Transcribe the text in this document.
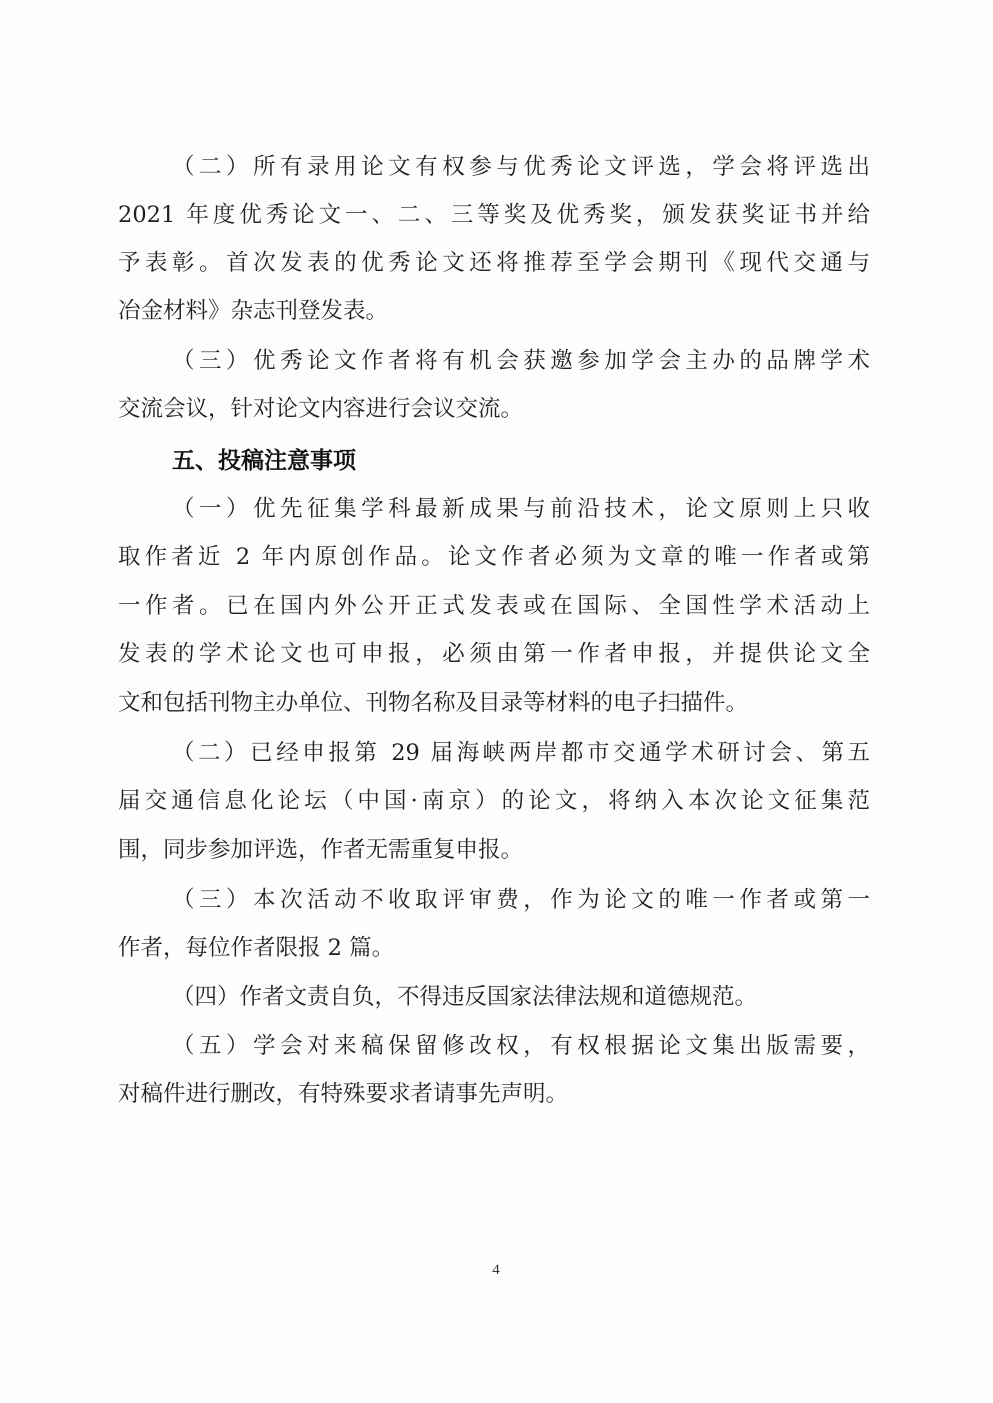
（二）所有录用论文有权参与优秀论文评选，学会将评选出
2021 年度优秀论文一、二、三等奖及优秀奖，颁发获奖证书并给
予表彰。首次发表的优秀论文还将推荐至学会期刊《现代交通与
冶金材料》杂志刊登发表。
（三）优秀论文作者将有机会获邀参加学会主办的品牌学术
交流会议，针对论文内容进行会议交流。
五、投稿注意事项
（一）优先征集学科最新成果与前沿技术，论文原则上只收
取作者近 2 年内原创作品。论文作者必须为文章的唯一作者或第
一作者。已在国内外公开正式发表或在国际、全国性学术活动上
发表的学术论文也可申报，必须由第一作者申报，并提供论文全
文和包括刊物主办单位、刊物名称及目录等材料的电子扫描件。
（二）已经申报第 29 届海峡两岸都市交通学术研讨会、第五
届交通信息化论坛（中国·南京）的论文，将纳入本次论文征集范
围，同步参加评选，作者无需重复申报。
（三）本次活动不收取评审费，作为论文的唯一作者或第一
作者，每位作者限报 2 篇。
（四）作者文责自负，不得违反国家法律法规和道德规范。
（五）学会对来稿保留修改权，有权根据论文集出版需要，
对稿件进行删改，有特殊要求者请事先声明。
4
